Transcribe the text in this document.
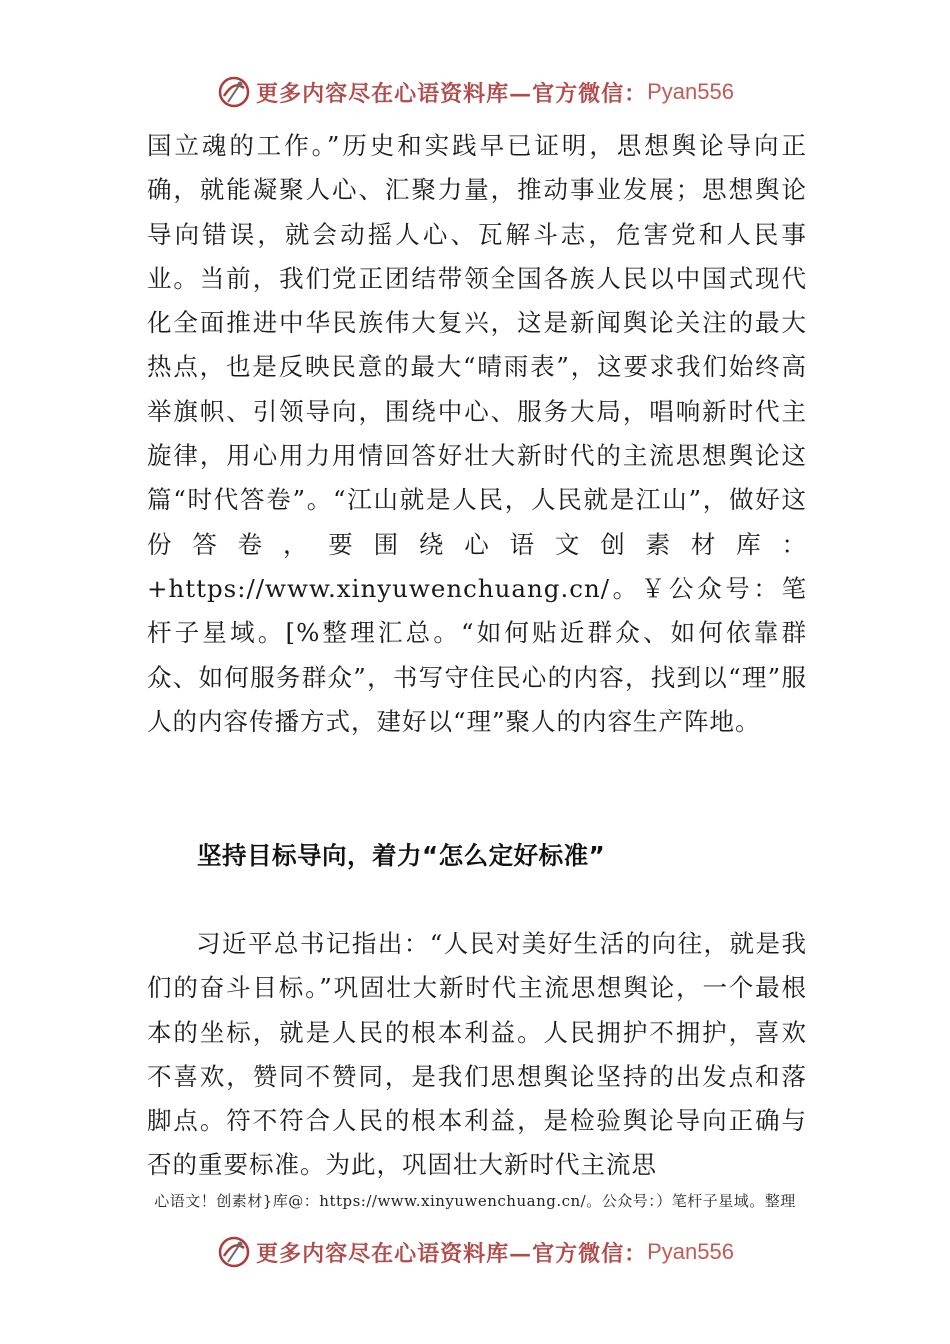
更多内容尽在心语资料库—官方微信： Pyan556

国立魂的工作。”历史和实践早已证明，思想舆论导向正确，就能凝聚人心、汇聚力量，推动事业发展；思想舆论导向错误，就会动摇人心、瓦解斗志，危害党和人民事业。当前，我们党正团结带领全国各族人民以中国式现代化全面推进中华民族伟大复兴，这是新闻舆论关注的最大热点，也是反映民意的最大“晴雨表”，这要求我们始终高举旗帜、引领导向，围绕中心、服务大局，唱响新时代主旋律，用心用力用情回答好壮大新时代的主流思想舆论这篇“时代答卷”。“江山就是人民，人民就是江山”，做好这份答卷，要围绕心语文创素材库：+https://www.xinyuwenchuang.cn/。￥公众号：笔杆子星域。[%整理汇总。“如何贴近群众、如何依靠群众、如何服务群众”，书写守住民心的内容，找到以“理”服人的内容传播方式，建好以“理”聚人的内容生产阵地。

坚持目标导向，着力“怎么定好标准”

习近平总书记指出：“人民对美好生活的向往，就是我们的奋斗目标。”巩固壮大新时代主流思想舆论，一个最根本的坐标，就是人民的根本利益。人民拥护不拥护，喜欢不喜欢，赞同不赞同，是我们思想舆论坚持的出发点和落脚点。符不符合人民的根本利益，是检验舆论导向正确与否的重要标准。为此，巩固壮大新时代主流思

心语文！创素材}库@：https://www.xinyuwenchuang.cn/。公众号：）笔杆子星域。整理
更多内容尽在心语资料库—官方微信： Pyan556
